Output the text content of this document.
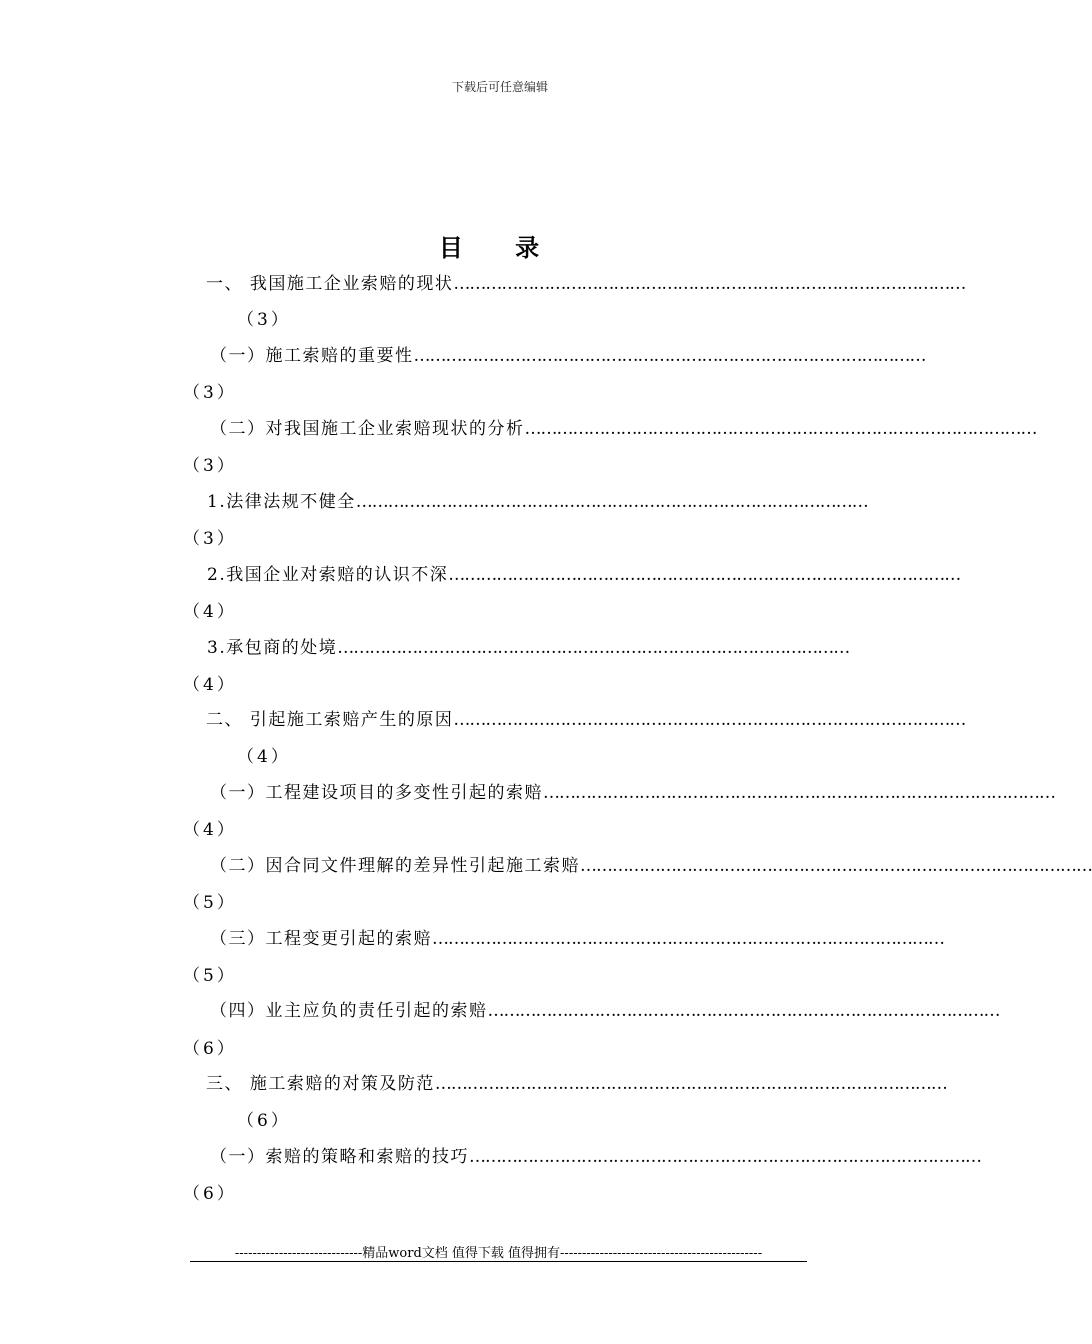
下载后可任意编辑
目 录
一、 我国施工企业索赔的现状……………………………………………………………………………………
（3）
（一）施工索赔的重要性……………………………………………………………………………………
（3）
（二）对我国施工企业索赔现状的分析……………………………………………………………………………………
（3）
1.法律法规不健全……………………………………………………………………………………
（3）
2.我国企业对索赔的认识不深……………………………………………………………………………………
（4）
3.承包商的处境……………………………………………………………………………………
（4）
二、 引起施工索赔产生的原因……………………………………………………………………………………
（4）
（一）工程建设项目的多变性引起的索赔……………………………………………………………………………………
（4）
（二）因合同文件理解的差异性引起施工索赔……………………………………………………………………………………
（5）
（三）工程变更引起的索赔……………………………………………………………………………………
（5）
（四）业主应负的责任引起的索赔……………………………………………………………………………………
（6）
三、 施工索赔的对策及防范……………………………………………………………………………………
（6）
（一）索赔的策略和索赔的技巧……………………………………………………………………………………
（6）
-----------------------------精品word文档 值得下载 值得拥有----------------------------------------------
